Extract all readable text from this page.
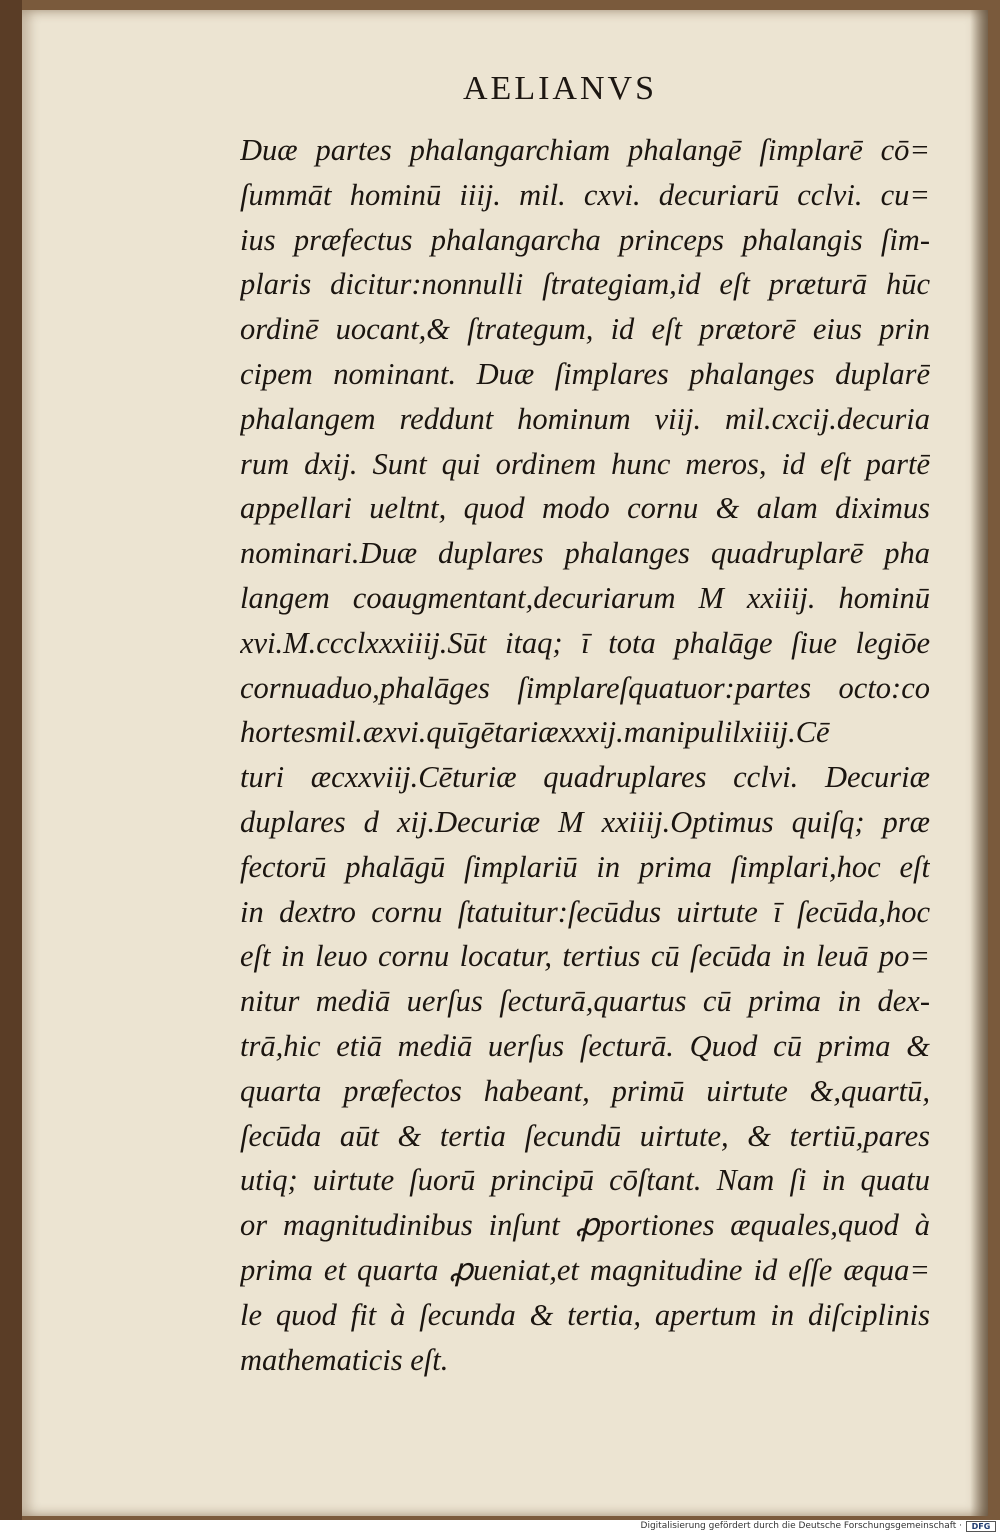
AELIANVS
Duæ partes phalangarchiam phalangē ſimplarē cō=
ſummāt hominū iiij. mil. cxvi. decuriarū cclvi. cu=
ius præfectus phalangarcha princeps phalangis ſim-
plaris dicitur:nonnulli ſtrategiam,id eſt præturā hūc
ordinē uocant,& ſtrategum, id eſt prætorē eius prin
cipem nominant. Duæ ſimplares phalanges duplarē
phalangem reddunt hominum viij. mil.cxcij.decuria
rum dxij. Sunt qui ordinem hunc meros, id eſt partē
appellari ueltnt, quod modo cornu & alam diximus
nominari.Duæ duplares phalanges quadruplarē pha
langem coaugmentant,decuriarum M xxiiij. hominū
xvi.M.ccclxxxiiij.Sūt itaq; ī tota phalāge ſiue legiōe
cornuaduo,phalāges ſimplareſquatuor:partes octo:co
hortesmil.æxvi.quīgētariæxxxij.manipulilxiiij.Cē
turi æcxxviij.Cēturiæ quadruplares cclvi. Decuriæ
duplares d xij.Decuriæ M xxiiij.Optimus quiſq; præ
fectorū phalāgū ſimplariū in prima ſimplari,hoc eſt
in dextro cornu ſtatuitur:ſecūdus uirtute ī ſecūda,hoc
eſt in leuo cornu locatur, tertius cū ſecūda in leuā po=
nitur mediā uerſus ſecturā,quartus cū prima in dex-
trā,hic etiā mediā uerſus ſecturā. Quod cū prima &
quarta præfectos habeant, primū uirtute &,quartū,
ſecūda aūt & tertia ſecundū uirtute, & tertiū,pares
utiq; uirtute ſuorū principū cōſtant. Nam ſi in quatu
or magnitudinibus inſunt ꝓportiones æquales,quod à
prima et quarta ꝓueniat,et magnitudine id eſſe æqua=
le quod fit à ſecunda & tertia, apertum in diſciplinis
mathematicis eſt.
Digitalisierung gefördert durch die Deutsche Forschungsgemeinschaft ·	DFG
